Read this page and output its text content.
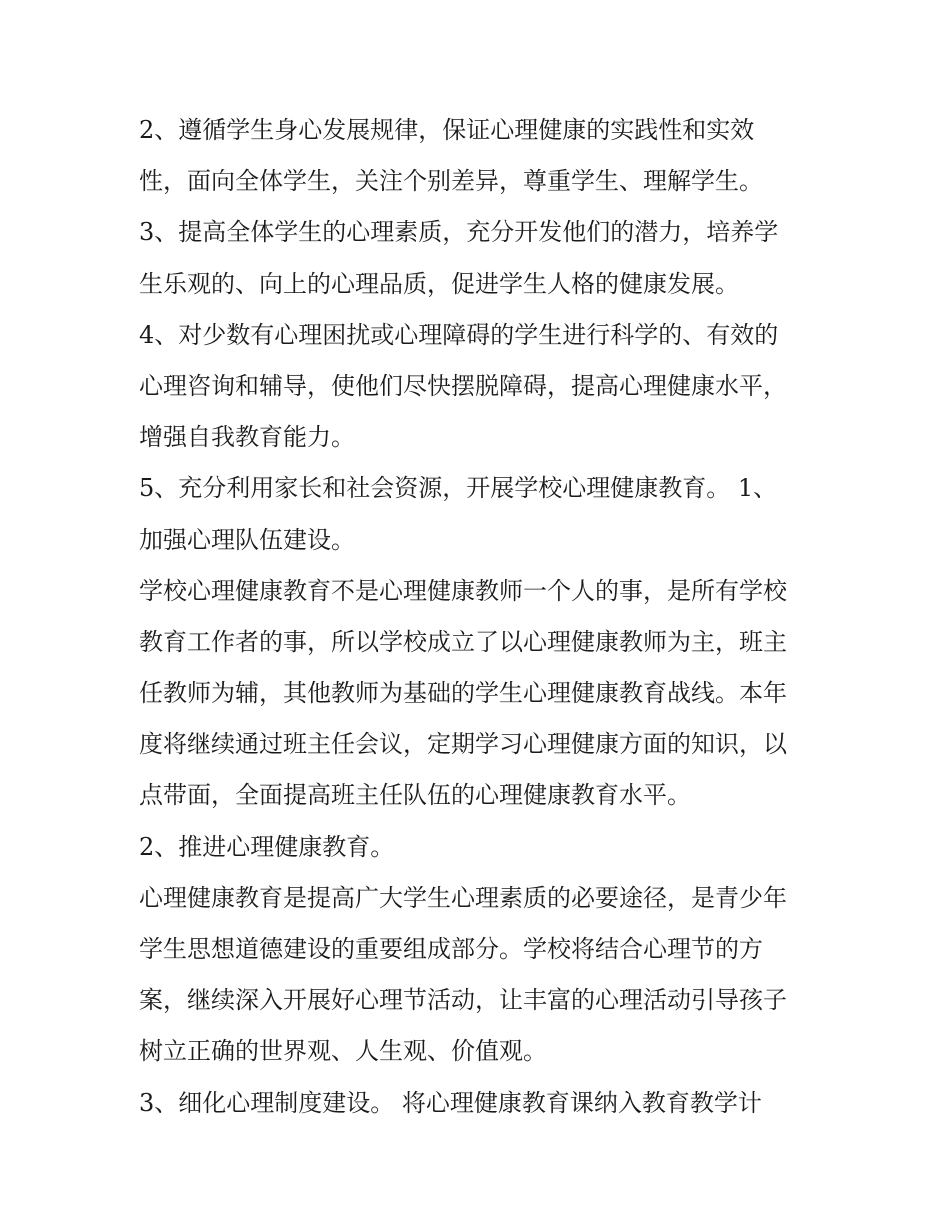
2、遵循学生身心发展规律，保证心理健康的实践性和实效
性，面向全体学生，关注个别差异，尊重学生、理解学生。
3、提高全体学生的心理素质，充分开发他们的潜力，培养学
生乐观的、向上的心理品质，促进学生人格的健康发展。
4、对少数有心理困扰或心理障碍的学生进行科学的、有效的
心理咨询和辅导，使他们尽快摆脱障碍，提高心理健康水平，
增强自我教育能力。
5、充分利用家长和社会资源，开展学校心理健康教育。 1、
加强心理队伍建设。
学校心理健康教育不是心理健康教师一个人的事，是所有学校
教育工作者的事，所以学校成立了以心理健康教师为主，班主
任教师为辅，其他教师为基础的学生心理健康教育战线。本年
度将继续通过班主任会议，定期学习心理健康方面的知识，以
点带面，全面提高班主任队伍的心理健康教育水平。
2、推进心理健康教育。
心理健康教育是提高广大学生心理素质的必要途径，是青少年
学生思想道德建设的重要组成部分。学校将结合心理节的方
案，继续深入开展好心理节活动，让丰富的心理活动引导孩子
树立正确的世界观、人生观、价值观。
3、细化心理制度建设。 将心理健康教育课纳入教育教学计
